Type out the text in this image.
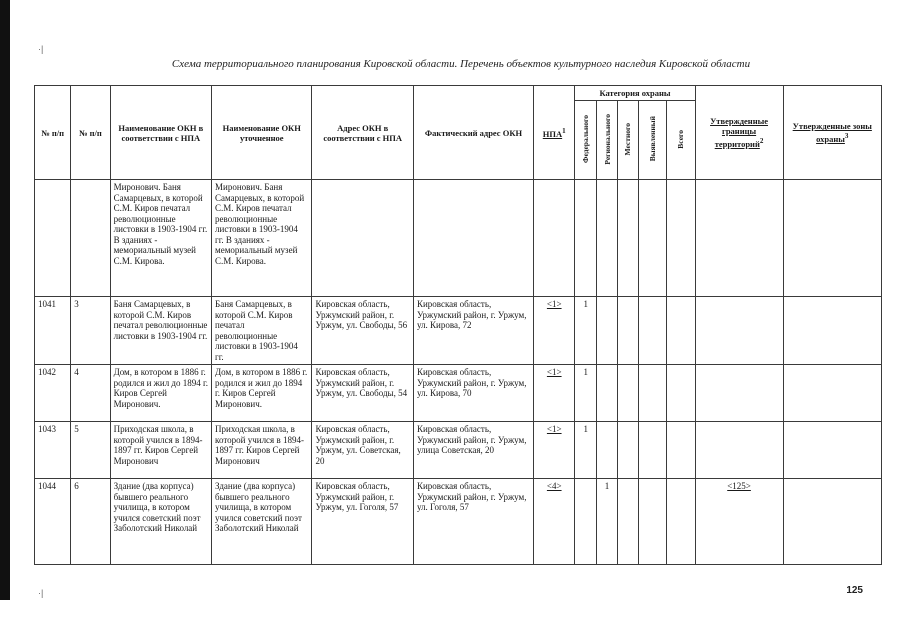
·|
·|
Схема территориального планирования Кировской области. Перечень объектов культурного наследия Кировской области
№ п/п	№ п/п	Наименование ОКН в соответствии с НПА	Наименование ОКН уточненное	Адрес ОКН в соответствии с НПА	Фактический адрес ОКН	НПА$^1$	Категория охраны					Утвержденные границы территорий$^2$	Утвержденные зоны охраны$^3$
							Федерального	Регионального	Местного	Выявленный	Всего		
		Миронович. Баня Самарцевых, в которой С.М. Киров печатал революционные листовки в 1903-1904 гг. В зданиях - мемориальный музей С.М. Кирова.	Миронович. Баня Самарцевых, в которой С.М. Киров печатал революционные листовки в 1903-1904 гг. В зданиях - мемориальный музей С.М. Кирова.										
1041	3	Баня Самарцевых, в которой С.М. Киров печатал революционные листовки в 1903-1904 гг.	Баня Самарцевых, в которой С.М. Киров печатал революционные листовки в 1903-1904 гг.	Кировская область, Уржумский район, г. Уржум, ул. Свободы, 56	Кировская область, Уржумский район, г. Уржум, ул. Кирова, 72	<1>	1						
1042	4	Дом, в котором в 1886 г. родился и жил до 1894 г. Киров Сергей Миронович.	Дом, в котором в 1886 г. родился и жил до 1894 г. Киров Сергей Миронович.	Кировская область, Уржумский район, г. Уржум, ул. Свободы, 54	Кировская область, Уржумский район, г. Уржум, ул. Кирова, 70	<1>	1						
1043	5	Приходская школа, в которой учился в 1894-1897 гг. Киров Сергей Миронович	Приходская школа, в которой учился в 1894-1897 гг. Киров Сергей Миронович	Кировская область, Уржумский район, г. Уржум, ул. Советская, 20	Кировская область, Уржумский район, г. Уржум, улица Советская, 20	<1>	1						
1044	6	Здание (два корпуса) бывшего реального училища, в котором учился советский поэт Заболотский Николай	Здание (два корпуса) бывшего реального училища, в котором учился советский поэт Заболотский Николай	Кировская область, Уржумский район, г. Уржум, ул. Гоголя, 57	Кировская область, Уржумский район, г. Уржум, ул. Гоголя, 57	<4>		1				<125>	
125
